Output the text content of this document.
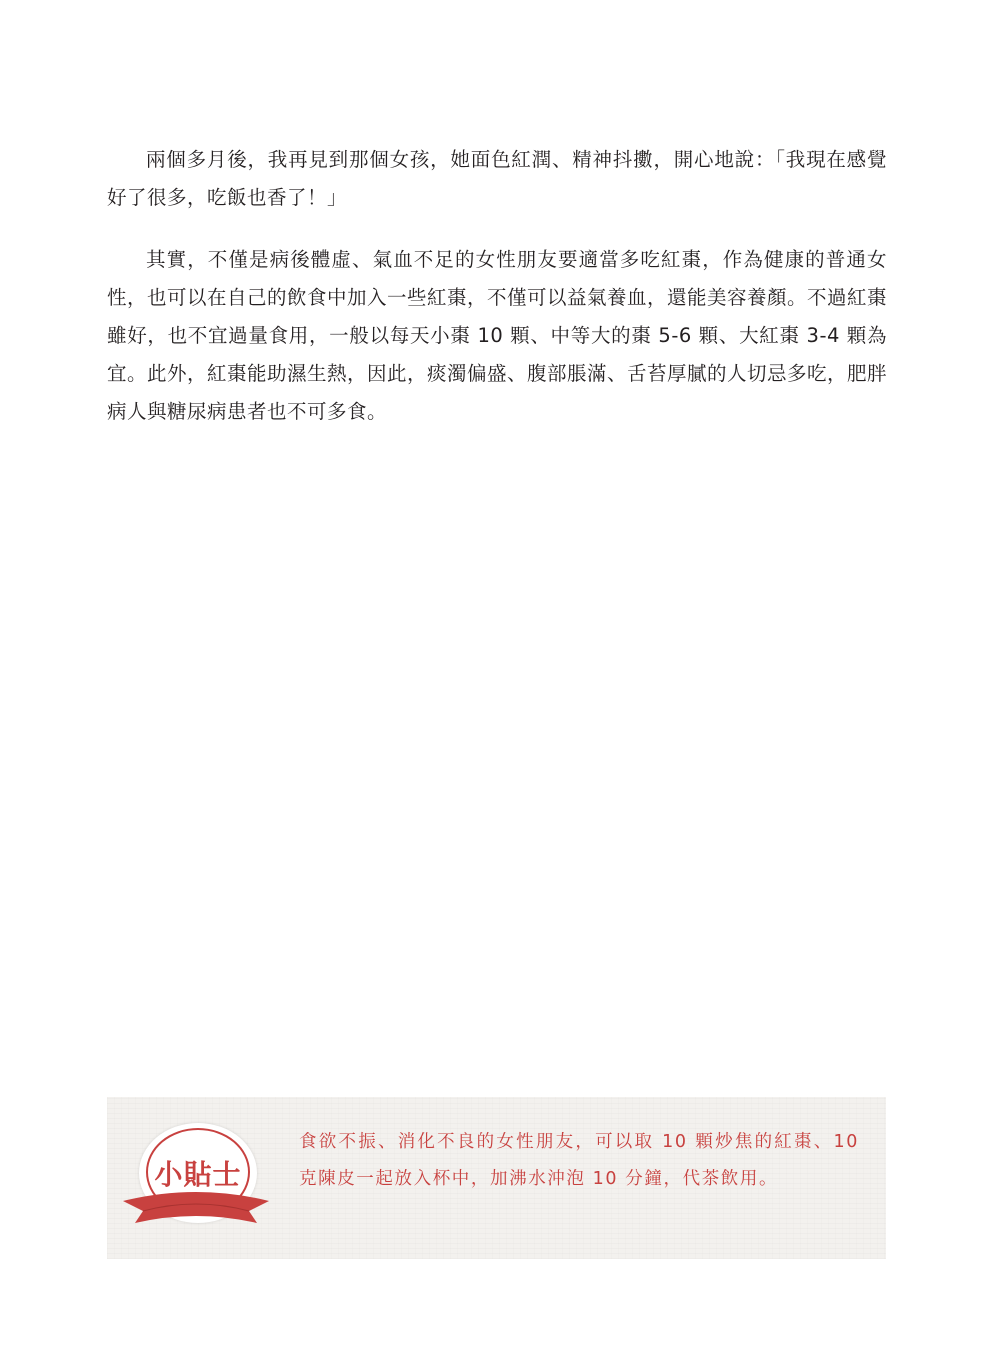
兩個多月後，我再見到那個女孩，她面色紅潤、精神抖擻，開心地說：「我現在感覺好了很多，吃飯也香了！」

其實，不僅是病後體虛、氣血不足的女性朋友要適當多吃紅棗，作為健康的普通女性，也可以在自己的飲食中加入一些紅棗，不僅可以益氣養血，還能美容養顏。不過紅棗雖好，也不宜過量食用，一般以每天小棗 10 顆、中等大的棗 5-6 顆、大紅棗 3-4 顆為宜。此外，紅棗能助濕生熱，因此，痰濁偏盛、腹部脹滿、舌苔厚膩的人切忌多吃，肥胖病人與糖尿病患者也不可多食。

小貼士

食欲不振、消化不良的女性朋友，可以取 10 顆炒焦的紅棗、10 克陳皮一起放入杯中，加沸水沖泡 10 分鐘，代茶飲用。
